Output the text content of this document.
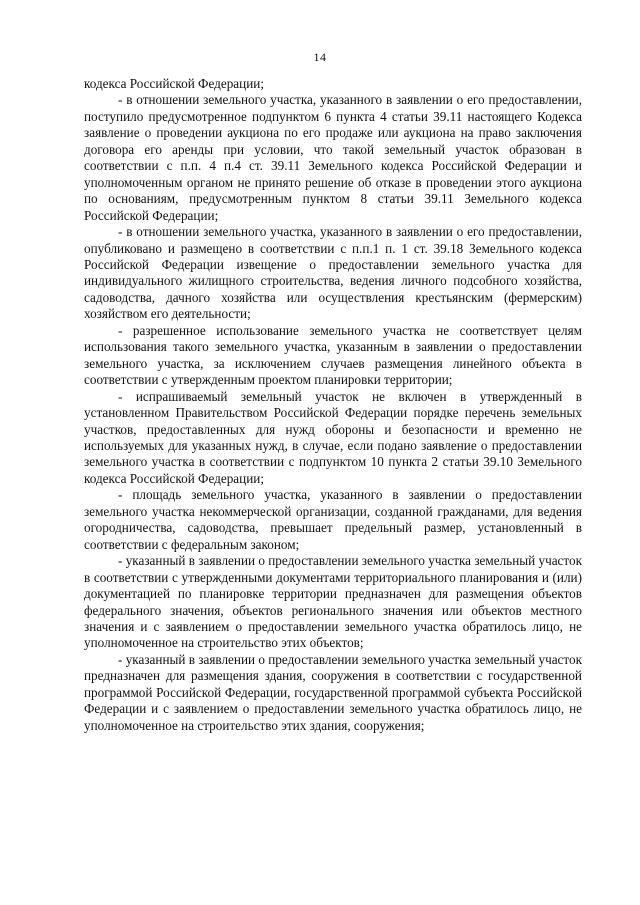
14

кодекса Российской Федерации;

- в отношении земельного участка, указанного в заявлении о его предоставлении, поступило предусмотренное подпунктом 6 пункта 4 статьи 39.11 настоящего Кодекса заявление о проведении аукциона по его продаже или аукциона на право заключения договора его аренды при условии, что такой земельный участок образован в соответствии с п.п. 4 п.4 ст. 39.11 Земельного кодекса Российской Федерации и уполномоченным органом не принято решение об отказе в проведении этого аукциона по основаниям, предусмотренным пунктом 8 статьи 39.11 Земельного кодекса Российской Федерации;

- в отношении земельного участка, указанного в заявлении о его предоставлении, опубликовано и размещено в соответствии с п.п.1 п. 1 ст. 39.18 Земельного кодекса Российской Федерации извещение о предоставлении земельного участка для индивидуального жилищного строительства, ведения личного подсобного хозяйства, садоводства, дачного хозяйства или осуществления крестьянским (фермерским) хозяйством его деятельности;

- разрешенное использование земельного участка не соответствует целям использования такого земельного участка, указанным в заявлении о предоставлении земельного участка, за исключением случаев размещения линейного объекта в соответствии с утвержденным проектом планировки территории;

- испрашиваемый земельный участок не включен в утвержденный в установленном Правительством Российской Федерации порядке перечень земельных участков, предоставленных для нужд обороны и безопасности и временно не используемых для указанных нужд, в случае, если подано заявление о предоставлении земельного участка в соответствии с подпунктом 10 пункта 2 статьи 39.10 Земельного кодекса Российской Федерации;

- площадь земельного участка, указанного в заявлении о предоставлении земельного участка некоммерческой организации, созданной гражданами, для ведения огородничества, садоводства, превышает предельный размер, установленный в соответствии с федеральным законом;

- указанный в заявлении о предоставлении земельного участка земельный участок в соответствии с утвержденными документами территориального планирования и (или) документацией по планировке территории предназначен для размещения объектов федерального значения, объектов регионального значения или объектов местного значения и с заявлением о предоставлении земельного участка обратилось лицо, не уполномоченное на строительство этих объектов;

- указанный в заявлении о предоставлении земельного участка земельный участок предназначен для размещения здания, сооружения в соответствии с государственной программой Российской Федерации, государственной программой субъекта Российской Федерации и с заявлением о предоставлении земельного участка обратилось лицо, не уполномоченное на строительство этих здания, сооружения;
